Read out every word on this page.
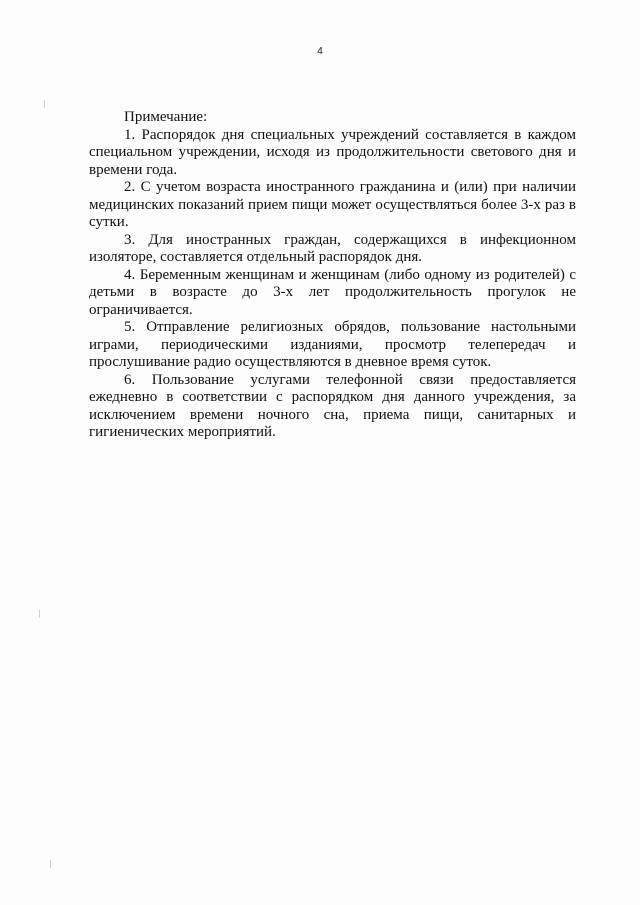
4

Примечание:

1. Распорядок дня специальных учреждений составляется в каждом специальном учреждении, исходя из продолжительности светового дня и времени года.

2. С учетом возраста иностранного гражданина и (или) при наличии медицинских показаний прием пищи может осуществляться более 3-х раз в сутки.

3. Для иностранных граждан, содержащихся в инфекционном изоляторе, составляется отдельный распорядок дня.

4. Беременным женщинам и женщинам (либо одному из родителей) с детьми в возрасте до 3-х лет продолжительность прогулок не ограничивается.

5. Отправление религиозных обрядов, пользование настольными играми, периодическими изданиями, просмотр телепередач и прослушивание радио осуществляются в дневное время суток.

6. Пользование услугами телефонной связи предоставляется ежедневно в соответствии с распорядком дня данного учреждения, за исключением времени ночного сна, приема пищи, санитарных и гигиенических мероприятий.
